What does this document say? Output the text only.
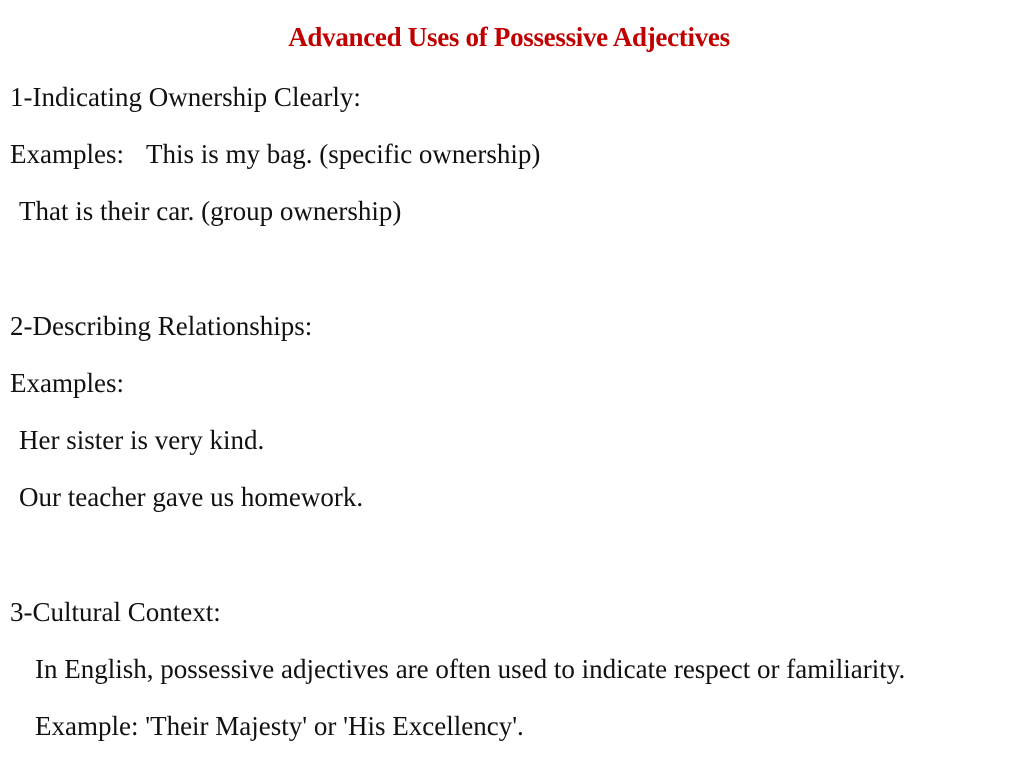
Advanced Uses of Possessive Adjectives
1-Indicating Ownership Clearly:
Examples: This is my bag. (specific ownership)
That is their car. (group ownership)
2-Describing Relationships:
Examples:
Her sister is very kind.
Our teacher gave us homework.
3-Cultural Context:
In English, possessive adjectives are often used to indicate respect or familiarity.
Example: 'Their Majesty' or 'His Excellency'.
